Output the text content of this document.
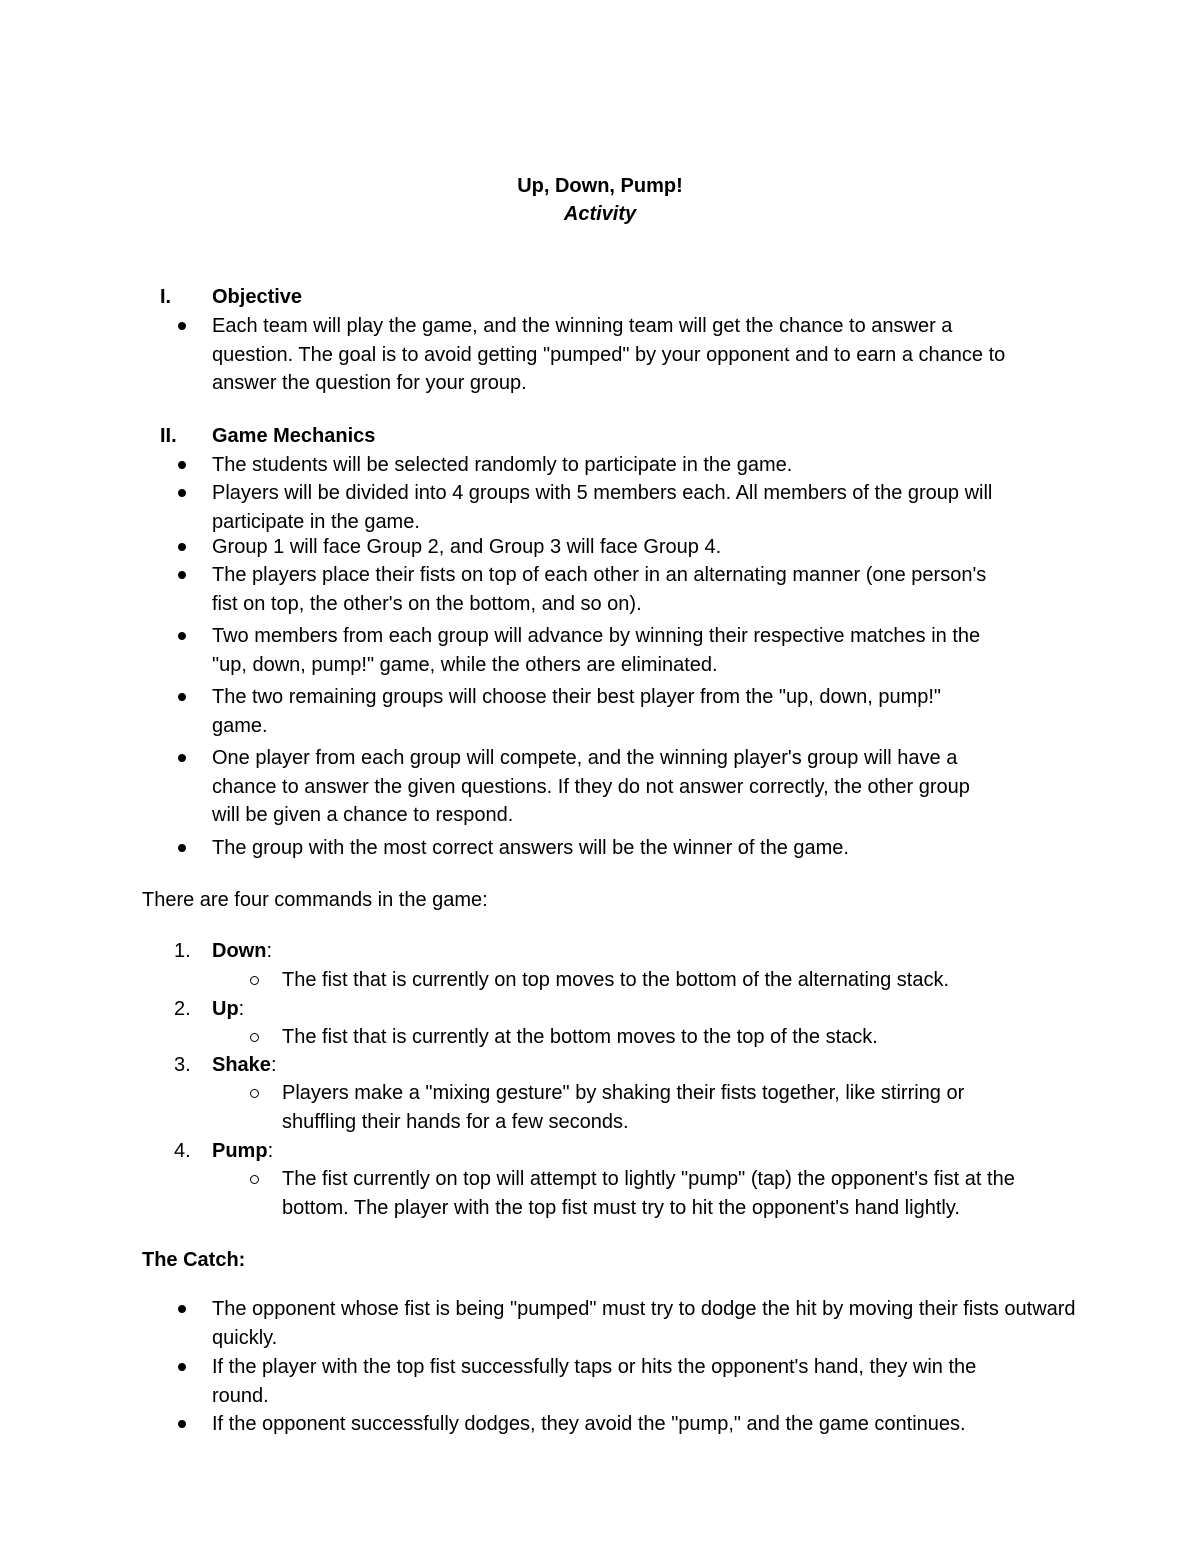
Up, Down, Pump!
Activity
I. Objective
Each team will play the game, and the winning team will get the chance to answer a question. The goal is to avoid getting "pumped" by your opponent and to earn a chance to answer the question for your group.
II. Game Mechanics
The students will be selected randomly to participate in the game.
Players will be divided into 4 groups with 5 members each. All members of the group will participate in the game.
Group 1 will face Group 2, and Group 3 will face Group 4.
The players place their fists on top of each other in an alternating manner (one person's fist on top, the other's on the bottom, and so on).
Two members from each group will advance by winning their respective matches in the "up, down, pump!" game, while the others are eliminated.
The two remaining groups will choose their best player from the "up, down, pump!" game.
One player from each group will compete, and the winning player's group will have a chance to answer the given questions. If they do not answer correctly, the other group will be given a chance to respond.
The group with the most correct answers will be the winner of the game.
There are four commands in the game:
1. Down:
The fist that is currently on top moves to the bottom of the alternating stack.
2. Up:
The fist that is currently at the bottom moves to the top of the stack.
3. Shake:
Players make a "mixing gesture" by shaking their fists together, like stirring or shuffling their hands for a few seconds.
4. Pump:
The fist currently on top will attempt to lightly "pump" (tap) the opponent's fist at the bottom. The player with the top fist must try to hit the opponent's hand lightly.
The Catch:
The opponent whose fist is being "pumped" must try to dodge the hit by moving their fists outward quickly.
If the player with the top fist successfully taps or hits the opponent's hand, they win the round.
If the opponent successfully dodges, they avoid the "pump," and the game continues.
